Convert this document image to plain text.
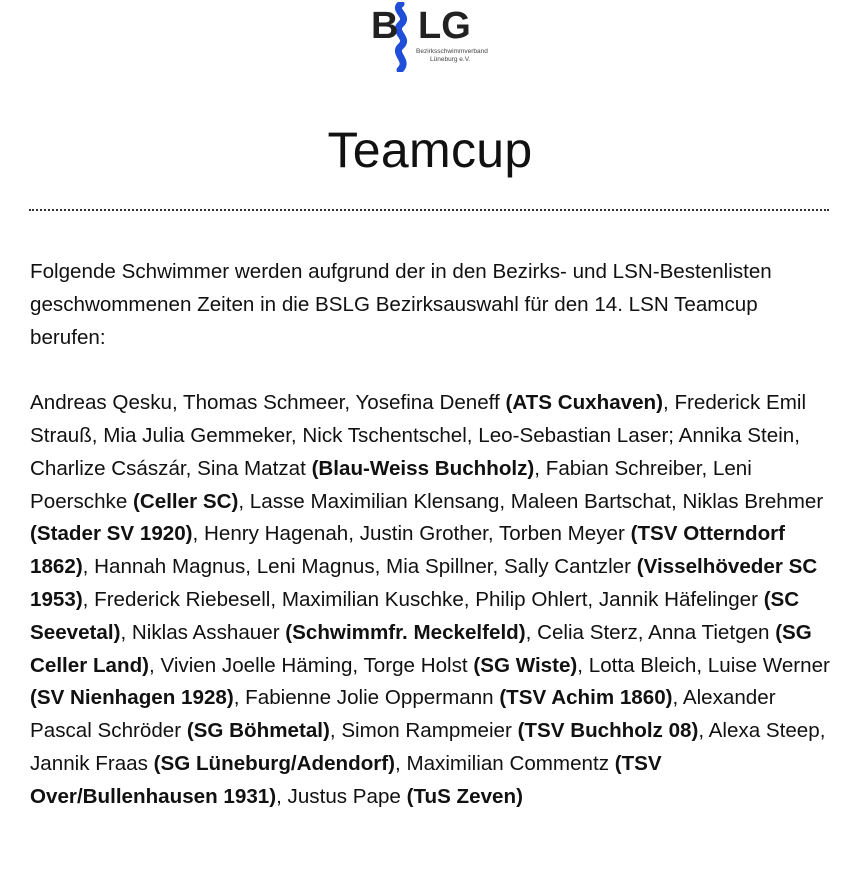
B LG
Bezirksschwimmverband
Lüneburg e.V.
Teamcup

Folgende Schwimmer werden aufgrund der in den Bezirks- und LSN-Bestenlisten geschwommenen Zeiten in die BSLG Bezirksauswahl für den 14. LSN Teamcup berufen:

Andreas Qesku, Thomas Schmeer, Yosefina Deneff (ATS Cuxhaven), Frederick Emil Strauß, Mia Julia Gemmeker, Nick Tschentschel, Leo-Sebastian Laser; Annika Stein, Charlize Császár, Sina Matzat (Blau-Weiss Buchholz), Fabian Schreiber, Leni Poerschke (Celler SC), Lasse Maximilian Klensang, Maleen Bartschat, Niklas Brehmer (Stader SV 1920), Henry Hagenah, Justin Grother, Torben Meyer (TSV Otterndorf 1862), Hannah Magnus, Leni Magnus, Mia Spillner, Sally Cantzler (Visselhöveder SC 1953), Frederick Riebesell, Maximilian Kuschke, Philip Ohlert, Jannik Häfelinger (SC Seevetal), Niklas Asshauer (Schwimmfr. Meckelfeld), Celia Sterz, Anna Tietgen (SG Celler Land), Vivien Joelle Häming, Torge Holst (SG Wiste), Lotta Bleich, Luise Werner (SV Nienhagen 1928), Fabienne Jolie Oppermann (TSV Achim 1860), Alexander Pascal Schröder (SG Böhmetal), Simon Rampmeier (TSV Buchholz 08), Alexa Steep, Jannik Fraas (SG Lüneburg/Adendorf), Maximilian Commentz (TSV Over/Bullenhausen 1931), Justus Pape (TuS Zeven)
